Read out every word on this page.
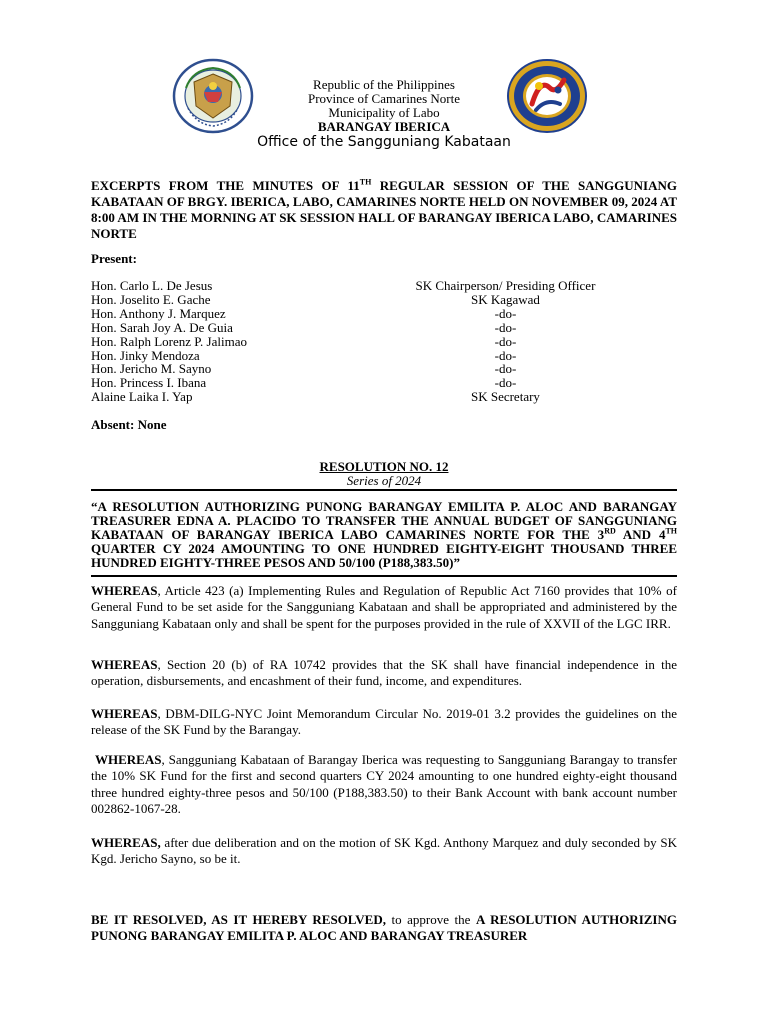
Republic of the Philippines
Province of Camarines Norte
Municipality of Labo
BARANGAY IBERICA
Office of the Sangguniang Kabataan
EXCERPTS FROM THE MINUTES OF 11TH REGULAR SESSION OF THE SANGGUNIANG KABATAAN OF BRGY. IBERICA, LABO, CAMARINES NORTE HELD ON NOVEMBER 09, 2024 AT 8:00 AM IN THE MORNING AT SK SESSION HALL OF BARANGAY IBERICA LABO, CAMARINES NORTE
Present:
Hon. Carlo L. De Jesus	SK Chairperson/ Presiding Officer
Hon. Joselito E. Gache	SK Kagawad
Hon. Anthony J. Marquez	-do-
Hon. Sarah Joy A. De Guia	-do-
Hon. Ralph Lorenz P. Jalimao	-do-
Hon. Jinky Mendoza	-do-
Hon. Jericho M. Sayno	-do-
Hon. Princess I. Ibana	-do-
Alaine Laika I. Yap	SK Secretary
Absent: None
RESOLUTION NO. 12
Series of 2024
“A RESOLUTION AUTHORIZING PUNONG BARANGAY EMILITA P. ALOC AND BARANGAY TREASURER EDNA A. PLACIDO TO TRANSFER THE ANNUAL BUDGET OF SANGGUNIANG KABATAAN OF BARANGAY IBERICA LABO CAMARINES NORTE FOR THE 3RD AND 4TH QUARTER CY 2024 AMOUNTING TO ONE HUNDRED EIGHTY-EIGHT THOUSAND THREE HUNDRED EIGHTY-THREE PESOS AND 50/100 (P188,383.50)”
WHEREAS, Article 423 (a) Implementing Rules and Regulation of Republic Act 7160 provides that 10% of General Fund to be set aside for the Sangguniang Kabataan and shall be appropriated and administered by the Sangguniang Kabataan only and shall be spent for the purposes provided in the rule of XXVII of the LGC IRR.
WHEREAS, Section 20 (b) of RA 10742 provides that the SK shall have financial independence in the operation, disbursements, and encashment of their fund, income, and expenditures.
WHEREAS, DBM-DILG-NYC Joint Memorandum Circular No. 2019-01 3.2 provides the guidelines on the release of the SK Fund by the Barangay.
WHEREAS, Sangguniang Kabataan of Barangay Iberica was requesting to Sangguniang Barangay to transfer the 10% SK Fund for the first and second quarters CY 2024 amounting to one hundred eighty-eight thousand three hundred eighty-three pesos and 50/100 (P188,383.50) to their Bank Account with bank account number 002862-1067-28.
WHEREAS, after due deliberation and on the motion of SK Kgd. Anthony Marquez and duly seconded by SK Kgd. Jericho Sayno, so be it.
BE IT RESOLVED, AS IT HEREBY RESOLVED, to approve the A RESOLUTION AUTHORIZING PUNONG BARANGAY EMILITA P. ALOC AND BARANGAY TREASURER
